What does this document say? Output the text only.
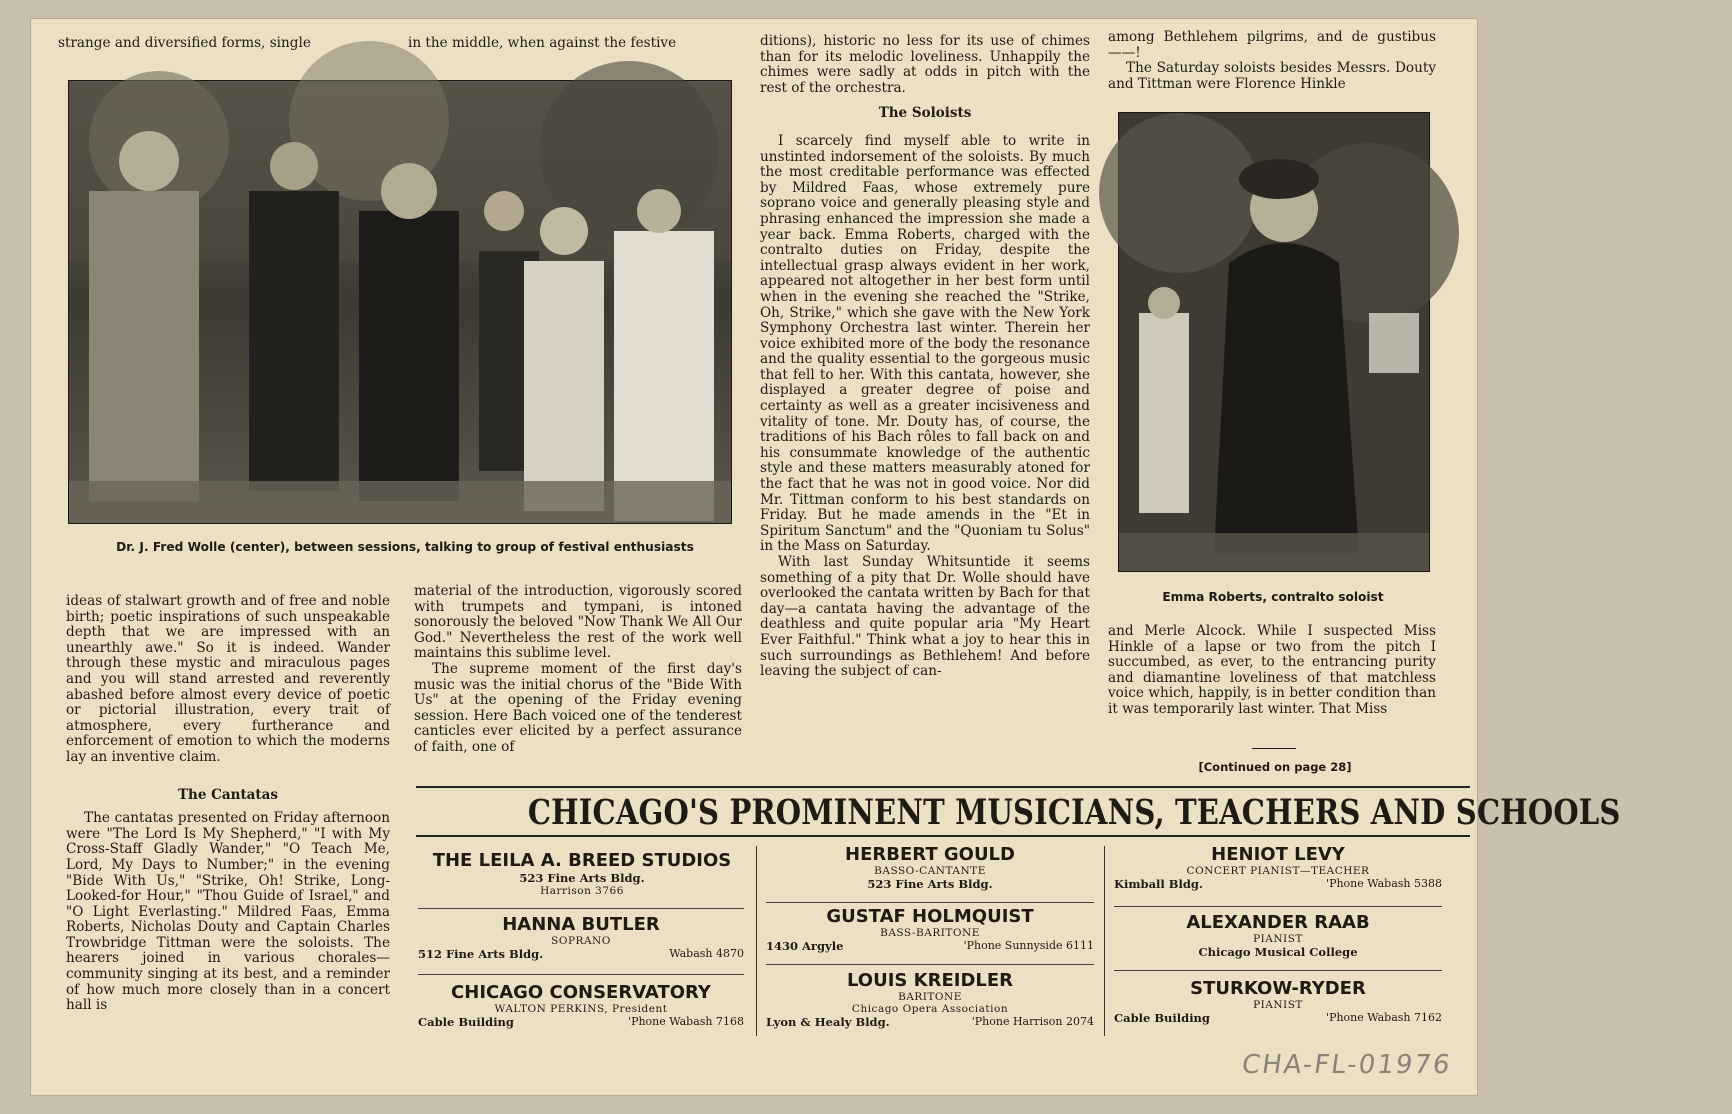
strange and diversified forms, single	in the middle, when against the festive
Dr. J. Fred Wolle (center), between sessions, talking to group of festival enthusiasts

ideas of stalwart growth and of free and noble birth; poetic inspirations of such unspeakable depth that we are impressed with an unearthly awe." So it is indeed. Wander through these mystic and miraculous pages and you will stand arrested and reverently abashed before almost every device of poetic or pictorial illustration, every trait of atmosphere, every furtherance and enforcement of emotion to which the moderns lay an inventive claim.

The Cantatas

The cantatas presented on Friday afternoon were "The Lord Is My Shepherd," "I with My Cross-Staff Gladly Wander," "O Teach Me, Lord, My Days to Number;" in the evening "Bide With Us," "Strike, Oh! Strike, Long-Looked-for Hour," "Thou Guide of Israel," and "O Light Everlasting." Mildred Faas, Emma Roberts, Nicholas Douty and Captain Charles Trowbridge Tittman were the soloists. The hearers joined in various chorales—community singing at its best, and a reminder of how much more closely than in a concert hall is

material of the introduction, vigorously scored with trumpets and tympani, is intoned sonorously the beloved "Now Thank We All Our God." Nevertheless the rest of the work well maintains this sublime level.

The supreme moment of the first day's music was the initial chorus of the "Bide With Us" at the opening of the Friday evening session. Here Bach voiced one of the tenderest canticles ever elicited by a perfect assurance of faith, one of

ditions), historic no less for its use of chimes than for its melodic loveliness. Unhappily the chimes were sadly at odds in pitch with the rest of the orchestra.

The Soloists

I scarcely find myself able to write in unstinted indorsement of the soloists. By much the most creditable performance was effected by Mildred Faas, whose extremely pure soprano voice and generally pleasing style and phrasing enhanced the impression she made a year back. Emma Roberts, charged with the contralto duties on Friday, despite the intellectual grasp always evident in her work, appeared not altogether in her best form until when in the evening she reached the "Strike, Oh, Strike," which she gave with the New York Symphony Orchestra last winter. Therein her voice exhibited more of the body the resonance and the quality essential to the gorgeous music that fell to her. With this cantata, however, she displayed a greater degree of poise and certainty as well as a greater incisiveness and vitality of tone. Mr. Douty has, of course, the traditions of his Bach rôles to fall back on and his consummate knowledge of the authentic style and these matters measurably atoned for the fact that he was not in good voice. Nor did Mr. Tittman conform to his best standards on Friday. But he made amends in the "Et in Spiritum Sanctum" and the "Quoniam tu Solus" in the Mass on Saturday.

With last Sunday Whitsuntide it seems something of a pity that Dr. Wolle should have overlooked the cantata written by Bach for that day—a cantata having the advantage of the deathless and quite popular aria "My Heart Ever Faithful." Think what a joy to hear this in such surroundings as Bethlehem! And before leaving the subject of can-

among Bethlehem pilgrims, and de gustibus ——!

The Saturday soloists besides Messrs. Douty and Tittman were Florence Hinkle

Emma Roberts, contralto soloist

and Merle Alcock. While I suspected Miss Hinkle of a lapse or two from the pitch I succumbed, as ever, to the entrancing purity and diamantine loveliness of that matchless voice which, happily, is in better condition than it was temporarily last winter. That Miss

[Continued on page 28]
CHICAGO'S PROMINENT MUSICIANS, TEACHERS AND SCHOOLS
THE LEILA A. BREED STUDIOS
523 Fine Arts Bldg.
Harrison 3766
HANNA BUTLER
SOPRANO
512 Fine Arts Bldg.	Wabash 4870
CHICAGO CONSERVATORY
WALTON PERKINS, President
Cable Building	'Phone Wabash 7168
HERBERT GOULD
BASSO-CANTANTE
523 Fine Arts Bldg.
GUSTAF HOLMQUIST
BASS-BARITONE
1430 Argyle	'Phone Sunnyside 6111
LOUIS KREIDLER
BARITONE
Chicago Opera Association
Lyon & Healy Bldg.	'Phone Harrison 2074
HENIOT LEVY
CONCERT PIANIST—TEACHER
Kimball Bldg.	'Phone Wabash 5388
ALEXANDER RAAB
PIANIST
Chicago Musical College
STURKOW-RYDER
PIANIST
Cable Building	'Phone Wabash 7162
CHA-FL-01976
